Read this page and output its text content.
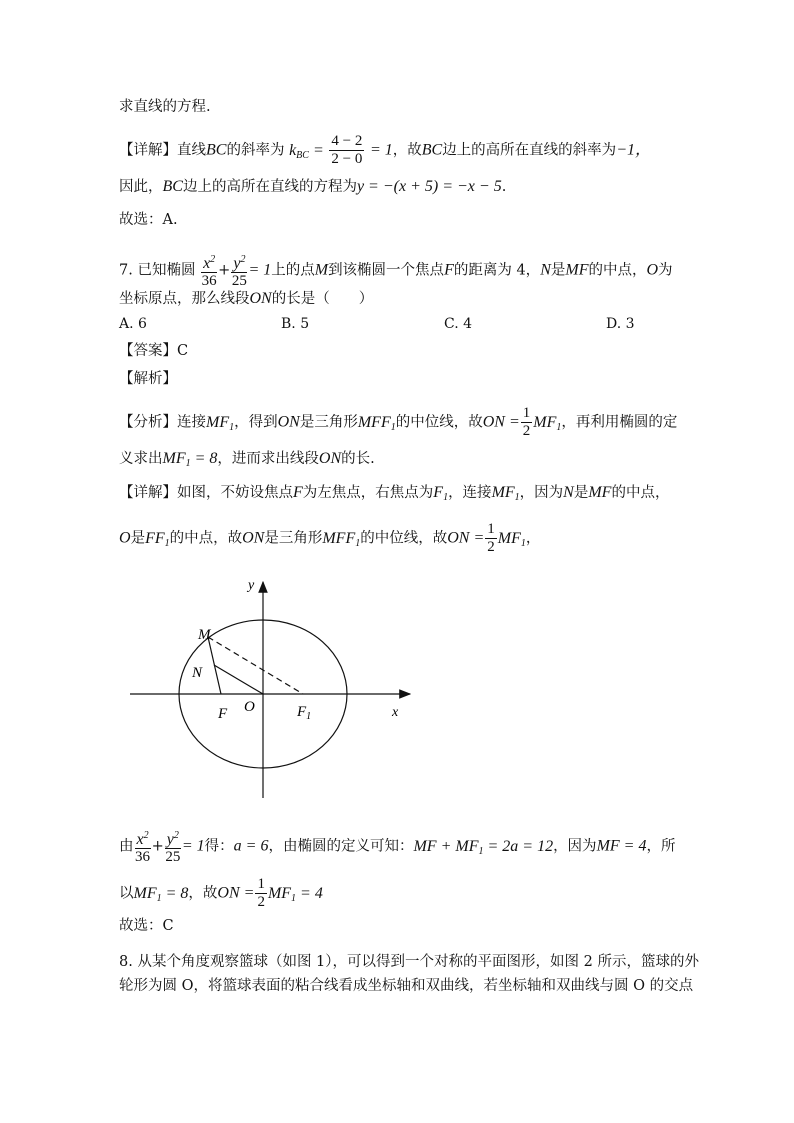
求直线的方程.
【详解】直线BC的斜率为 $k_{BC} = \frac{4 - 2}{2 - 0} = 1$，故BC边上的高所在直线的斜率为−1，
因此，BC边上的高所在直线的方程为y = −(x + 5) = −x − 5.
故选：A.
7. 已知椭圆 $\frac{x^2}{36} + \frac{y^2}{25} = 1$上的点M到该椭圆一个焦点F的距离为 4，N是MF的中点，O为
坐标原点，那么线段ON的长是（　　）
A. 6	B. 5	C. 4	D. 3
【答案】C
【解析】
【分析】连接$MF_1$，得到ON是三角形$MFF_1$的中位线，故ON = $\frac{1}{2} MF_1$，再利用椭圆的定
义求出$MF_1 = 8$，进而求出线段ON的长.
【详解】如图，不妨设焦点F为左焦点，右焦点为$F_1$，连接$MF_1$，因为N是MF的中点，
O是$FF_1$的中点，故ON是三角形$MFF_1$的中位线，故ON = $\frac{1}{2} MF_1$，
y
x
M
N
O
F	$F_1$
由 $\frac{x^2}{36} + \frac{y^2}{25} = 1$得：a = 6，由椭圆的定义可知：MF + $MF_1 = 2a = 12$，因为MF = 4，所
以$MF_1 = 8$，故ON = $\frac{1}{2} MF_1 = 4$
故选：C
8. 从某个角度观察篮球（如图 1），可以得到一个对称的平面图形，如图 2 所示，篮球的外
轮形为圆 O，将篮球表面的粘合线看成坐标轴和双曲线，若坐标轴和双曲线与圆 O 的交点
